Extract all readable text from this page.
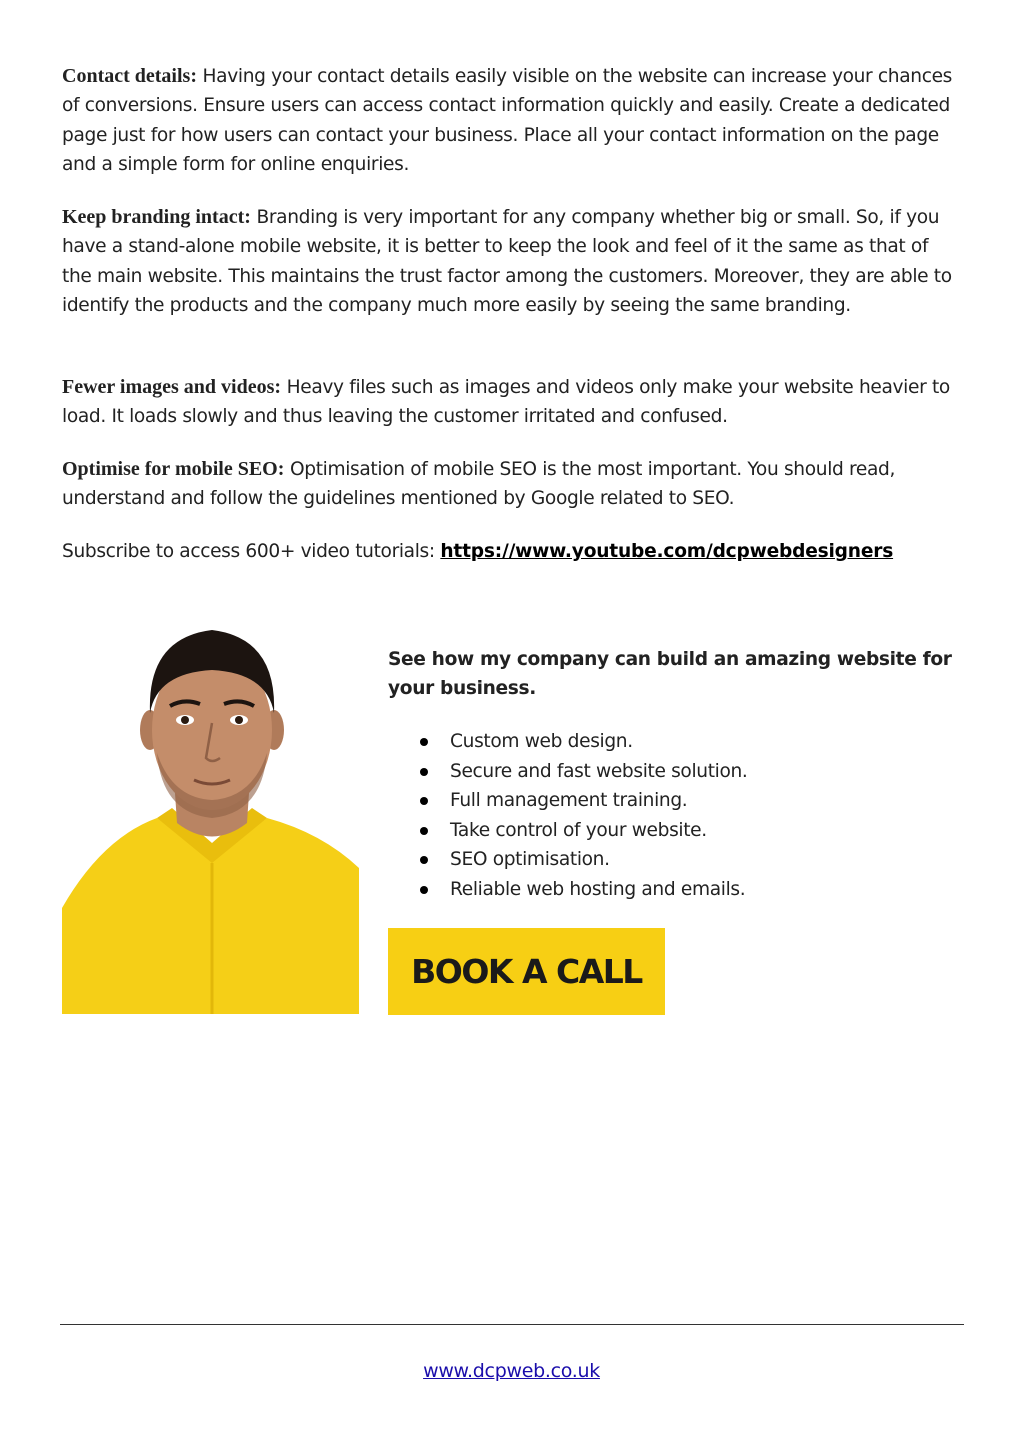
Contact details: Having your contact details easily visible on the website can increase your chances of conversions. Ensure users can access contact information quickly and easily. Create a dedicated page just for how users can contact your business. Place all your contact information on the page and a simple form for online enquiries.

Keep branding intact: Branding is very important for any company whether big or small. So, if you have a stand-alone mobile website, it is better to keep the look and feel of it the same as that of the main website. This maintains the trust factor among the customers. Moreover, they are able to identify the products and the company much more easily by seeing the same branding.

Fewer images and videos: Heavy files such as images and videos only make your website heavier to load. It loads slowly and thus leaving the customer irritated and confused.

Optimise for mobile SEO: Optimisation of mobile SEO is the most important. You should read, understand and follow the guidelines mentioned by Google related to SEO.

Subscribe to access 600+ video tutorials: https://www.youtube.com/dcpwebdesigners

See how my company can build an amazing website for your business.

Custom web design.
Secure and fast website solution.
Full management training.
Take control of your website.
SEO optimisation.
Reliable web hosting and emails.
BOOK A CALL
www.dcpweb.co.uk
